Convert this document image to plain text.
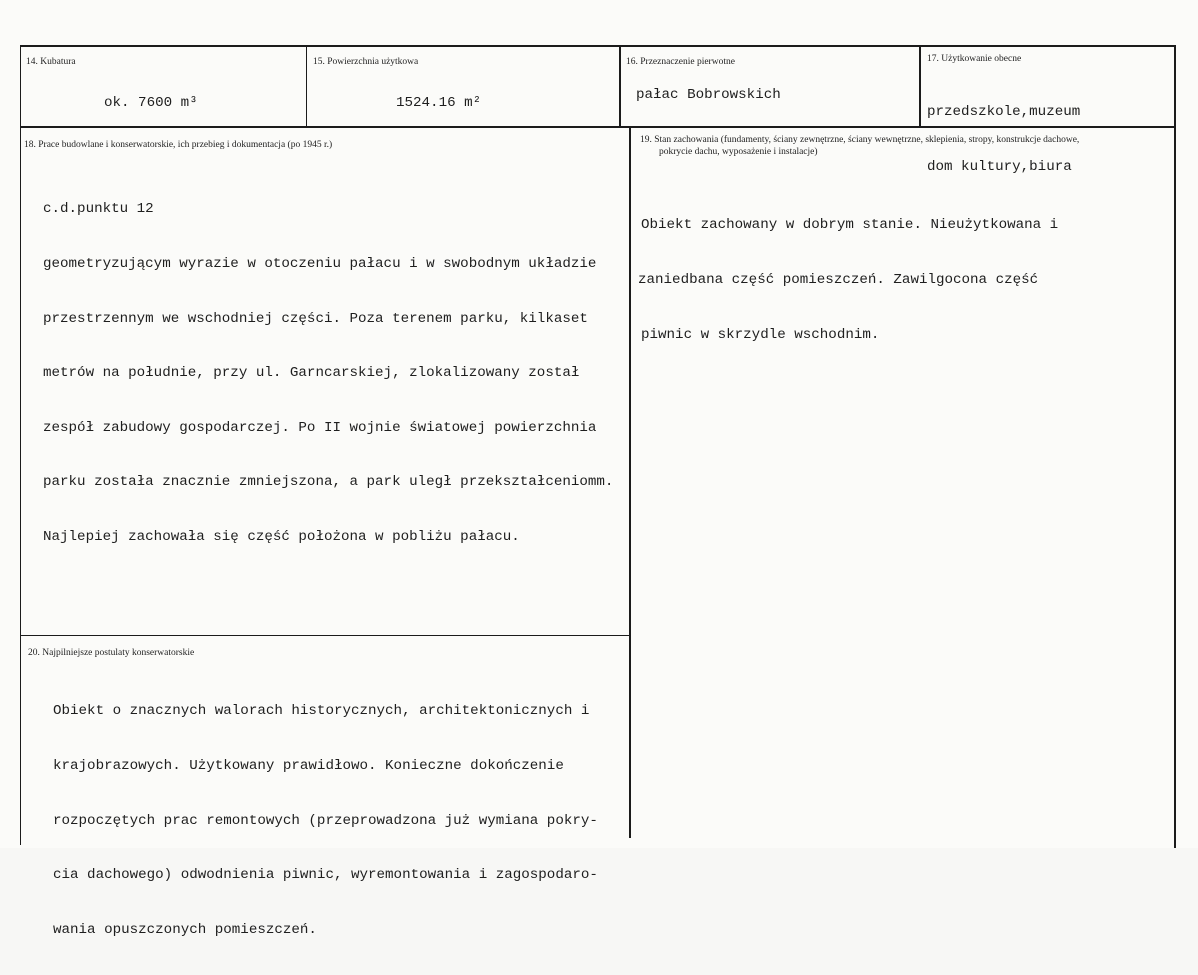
14. Kubatura
ok. 7600 m³
15. Powierzchnia użytkowa
1524.16 m²
16. Przeznaczenie pierwotne
pałac Bobrowskich
17. Użytkowanie obecne

przedszkole,muzeum

dom kultury,biura

18. Prace budowlane i konserwatorskie, ich przebieg i dokumentacja (po 1945 r.)

c.d.punktu 12

geometryzującym wyrazie w otoczeniu pałacu i w swobodnym układzie

przestrzennym we wschodniej części. Poza terenem parku, kilkaset

metrów na południe, przy ul. Garncarskiej, zlokalizowany został

zespół zabudowy gospodarczej. Po II wojnie światowej powierzchnia

parku została znacznie zmniejszona, a park uległ przekształceniomm.

Najlepiej zachowała się część położona w pobliżu pałacu.

19. Stan zachowania (fundamenty, ściany zewnętrzne, ściany wewnętrzne, sklepienia, stropy, konstrukcje dachowe,
pokrycie dachu, wyposażenie i instalacje)

Obiekt zachowany w dobrym stanie. Nieużytkowana i

zaniedbana część pomieszczeń. Zawilgocona część

piwnic w skrzydle wschodnim.

20. Najpilniejsze postulaty konserwatorskie

Obiekt o znacznych walorach historycznych, architektonicznych i

krajobrazowych. Użytkowany prawidłowo. Konieczne dokończenie

rozpoczętych prac remontowych (przeprowadzona już wymiana pokry-

cia dachowego) odwodnienia piwnic, wyremontowania i zagospodaro-

wania opuszczonych pomieszczeń.
